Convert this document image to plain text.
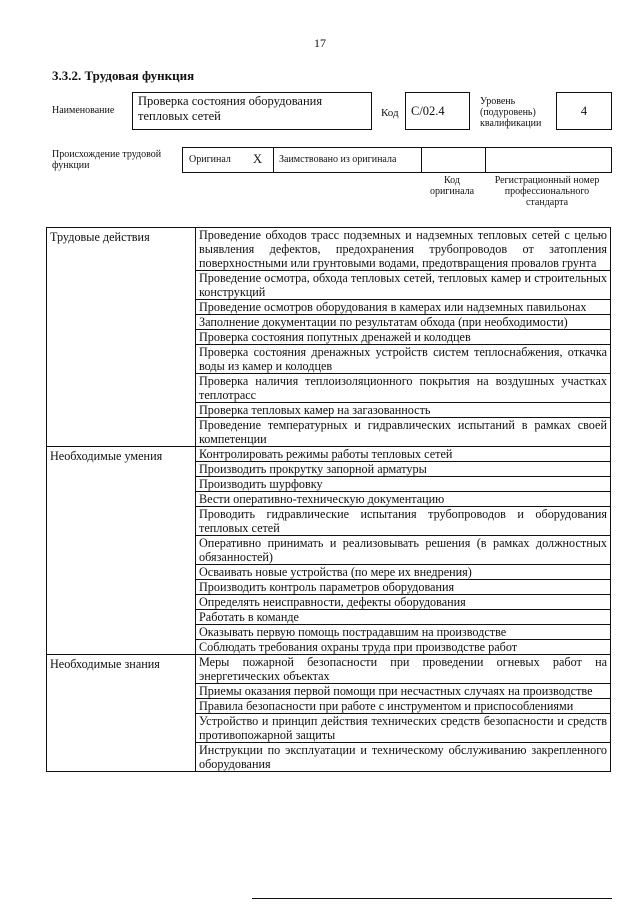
17
3.3.2. Трудовая функция
Наименование
Проверка состояния оборудования тепловых сетей	Код С/02.4
Уровень (подуровень) квалификации
4
Происхождение трудовой функции
Оригинал X Заимствовано из оригинала
Код оригинала
Регистрационный номер профессионального стандарта
Трудовые действия	Проведение обходов трасс подземных и надземных тепловых сетей с целью выявления дефектов, предохранения трубопроводов от затопления поверхностными или грунтовыми водами, предотвращения провалов грунта
	Проведение осмотра, обхода тепловых сетей, тепловых камер и строительных конструкций
	Проведение осмотров оборудования в камерах или надземных павильонах
	Заполнение документации по результатам обхода (при необходимости)
	Проверка состояния попутных дренажей и колодцев
	Проверка состояния дренажных устройств систем теплоснабжения, откачка воды из камер и колодцев
	Проверка наличия теплоизоляционного покрытия на воздушных участках теплотрасс
	Проверка тепловых камер на загазованность
	Проведение температурных и гидравлических испытаний в рамках своей компетенции
Необходимые умения	Контролировать режимы работы тепловых сетей
	Производить прокрутку запорной арматуры
	Производить шурфовку
	Вести оперативно-техническую документацию
	Проводить гидравлические испытания трубопроводов и оборудования тепловых сетей
	Оперативно принимать и реализовывать решения (в рамках должностных обязанностей)
	Осваивать новые устройства (по мере их внедрения)
	Производить контроль параметров оборудования
	Определять неисправности, дефекты оборудования
	Работать в команде
	Оказывать первую помощь пострадавшим на производстве
	Соблюдать требования охраны труда при производстве работ
Необходимые знания	Меры пожарной безопасности при проведении огневых работ на энергетических объектах
	Приемы оказания первой помощи при несчастных случаях на производстве
	Правила безопасности при работе с инструментом и приспособлениями
	Устройство и принцип действия технических средств безопасности и средств противопожарной защиты
	Инструкции по эксплуатации и техническому обслуживанию закрепленного оборудования
